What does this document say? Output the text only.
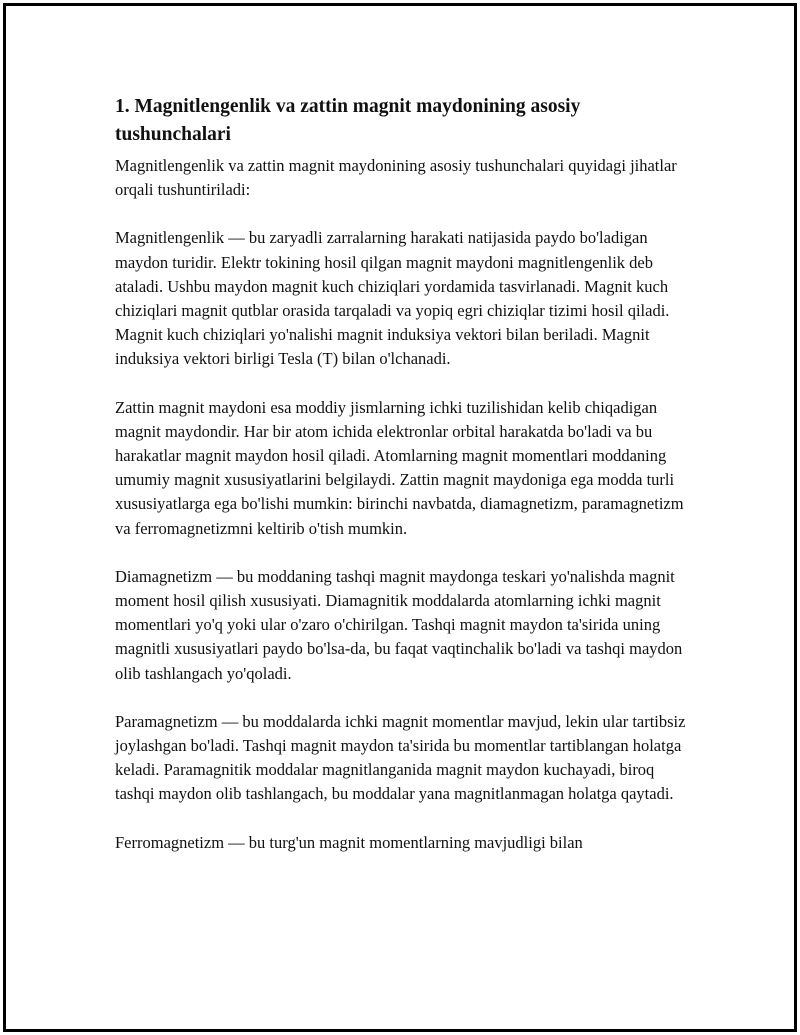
1. Magnitlengenlik va zattin magnit maydonining asosiy tushunchalari

Magnitlengenlik va zattin magnit maydonining asosiy tushunchalari quyidagi jihatlar orqali tushuntiriladi:

Magnitlengenlik — bu zaryadli zarralarning harakati natijasida paydo bo'ladigan maydon turidir. Elektr tokining hosil qilgan magnit maydoni magnitlengenlik deb ataladi. Ushbu maydon magnit kuch chiziqlari yordamida tasvirlanadi. Magnit kuch chiziqlari magnit qutblar orasida tarqaladi va yopiq egri chiziqlar tizimi hosil qiladi. Magnit kuch chiziqlari yo'nalishi magnit induksiya vektori bilan beriladi. Magnit induksiya vektori birligi Tesla (T) bilan o'lchanadi.

Zattin magnit maydoni esa moddiy jismlarning ichki tuzilishidan kelib chiqadigan magnit maydondir. Har bir atom ichida elektronlar orbital harakatda bo'ladi va bu harakatlar magnit maydon hosil qiladi. Atomlarning magnit momentlari moddaning umumiy magnit xususiyatlarini belgilaydi. Zattin magnit maydoniga ega modda turli xususiyatlarga ega bo'lishi mumkin: birinchi navbatda, diamagnetizm, paramagnetizm va ferromagnetizmni keltirib o'tish mumkin.

Diamagnetizm — bu moddaning tashqi magnit maydonga teskari yo'nalishda magnit moment hosil qilish xususiyati. Diamagnitik moddalarda atomlarning ichki magnit momentlari yo'q yoki ular o'zaro o'chirilgan. Tashqi magnit maydon ta'sirida uning magnitli xususiyatlari paydo bo'lsa-da, bu faqat vaqtinchalik bo'ladi va tashqi maydon olib tashlangach yo'qoladi.

Paramagnetizm — bu moddalarda ichki magnit momentlar mavjud, lekin ular tartibsiz joylashgan bo'ladi. Tashqi magnit maydon ta'sirida bu momentlar tartiblangan holatga keladi. Paramagnitik moddalar magnitlanganida magnit maydon kuchayadi, biroq tashqi maydon olib tashlangach, bu moddalar yana magnitlanmagan holatga qaytadi.

Ferromagnetizm — bu turg'un magnit momentlarning mavjudligi bilan
